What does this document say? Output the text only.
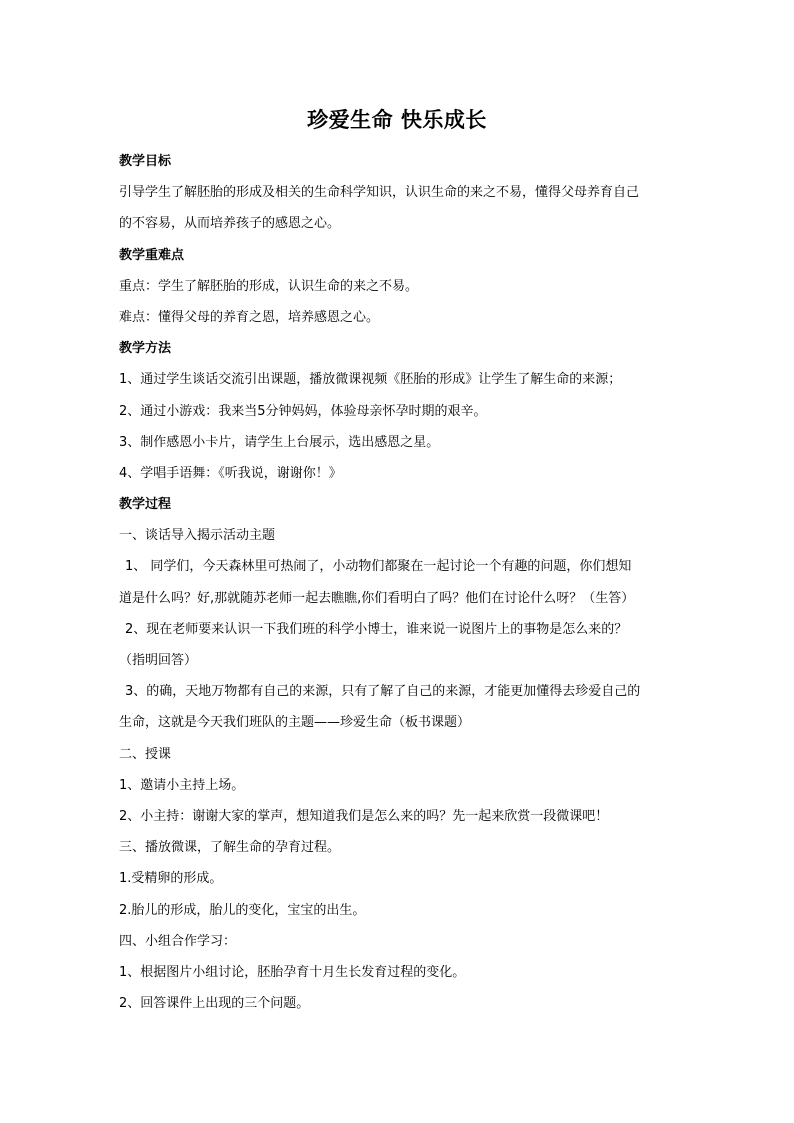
珍爱生命 快乐成长

教学目标

引导学生了解胚胎的形成及相关的生命科学知识，认识生命的来之不易，懂得父母养育自己

的不容易，从而培养孩子的感恩之心。

教学重难点

重点：学生了解胚胎的形成，认识生命的来之不易。

难点：懂得父母的养育之恩，培养感恩之心。

教学方法

1、通过学生谈话交流引出课题，播放微课视频《胚胎的形成》让学生了解生命的来源；

2、通过小游戏：我来当5分钟妈妈，体验母亲怀孕时期的艰辛。

3、制作感恩小卡片，请学生上台展示，选出感恩之星。

4、学唱手语舞：《听我说，谢谢你！》

教学过程

一、谈话导入揭示活动主题

1、 同学们，今天森林里可热闹了，小动物们都聚在一起讨论一个有趣的问题，你们想知

道是什么吗？好,那就随苏老师一起去瞧瞧,你们看明白了吗？他们在讨论什么呀？（生答）

2、现在老师要来认识一下我们班的科学小博士，谁来说一说图片上的事物是怎么来的？

（指明回答）

3、的确，天地万物都有自己的来源，只有了解了自己的来源，才能更加懂得去珍爱自己的

生命，这就是今天我们班队的主题——珍爱生命（板书课题）

二、授课

1、邀请小主持上场。

2、小主持：谢谢大家的掌声，想知道我们是怎么来的吗？先一起来欣赏一段微课吧！

三、播放微课，了解生命的孕育过程。

1.受精卵的形成。

2.胎儿的形成，胎儿的变化，宝宝的出生。

四、小组合作学习：

1、根据图片小组讨论，胚胎孕育十月生长发育过程的变化。

2、回答课件上出现的三个问题。
